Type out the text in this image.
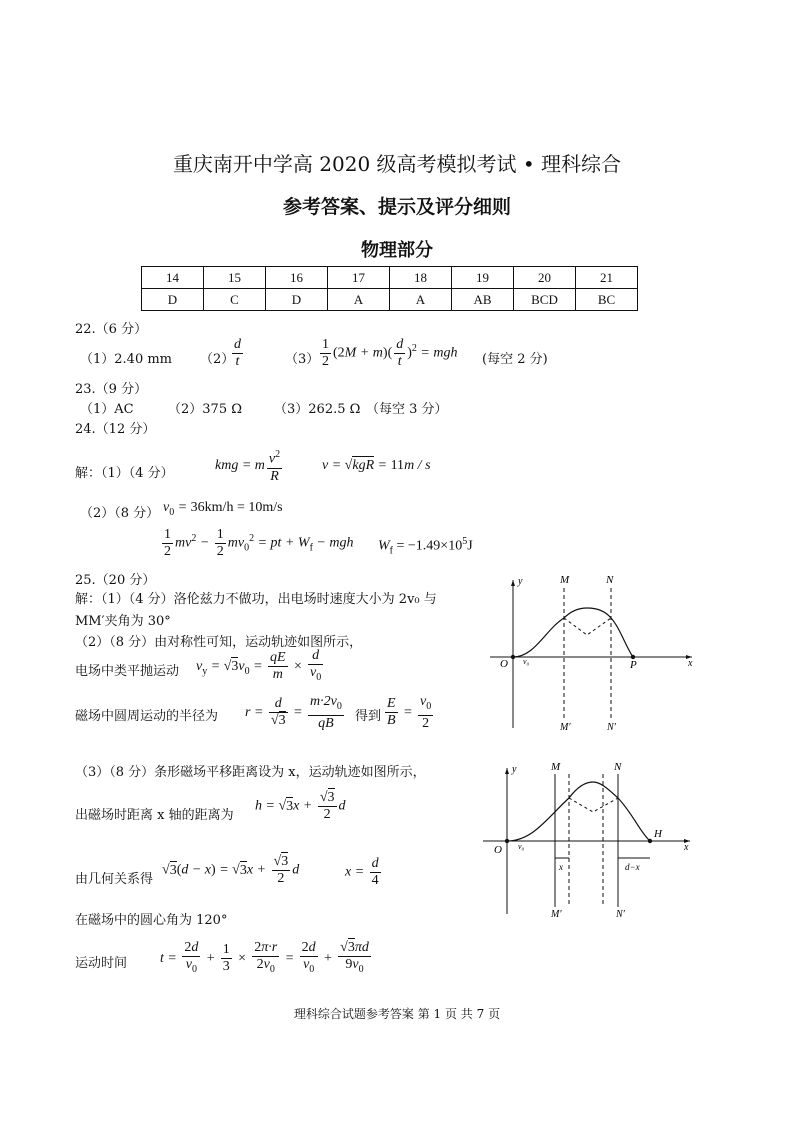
重庆南开中学高 2020 级高考模拟考试 • 理科综合
参考答案、提示及评分细则
物理部分
14	15	16	17	18	19	20	21
D	C	D	A	A	AB	BCD	BC
22.（6 分）
（1）2.40 mm （2）
$\frac{d}{t}$	$(3) \frac{1}{2} (2M + m)( \frac{d}{t} )^2$ = mgh (每空 2 分)
23.（9 分）
（1）AC	（2）375 Ω （3）262.5 Ω （每空 3 分）
24.（12 分）
解：（1）（4 分）
kmg = m $\frac{v^2}{R}$	v = √kgR = 11m / s
（2）（8 分） $v_0 = 36km/h = 10m/s$
$\frac{1}{2} mv^2 - \frac{1}{2} mv_0^2$ = pt + $W_f$ − mgh $W_f = -1.49\times 10^5J$
25.（20 分）
解：（1）（4 分）洛伦兹力不做功，出电场时速度大小为 2v₀ 与
MM′夹角为 30°
（2）（8 分）由对称性可知，运动轨迹如图所示，
电场中类平抛运动 $v_y = √3v_0 = \frac{qE}{m} \times \frac{d}{v_0}$
磁场中圆周运动的半径为 $r = \frac{d}{√3} = \frac{m\cdot 2v_0}{qB}$ 得到 $\frac{E}{B} = \frac{v_0}{2}$
（3）（8 分）条形磁场平移距离设为 x，运动轨迹如图所示，
出磁场时距离 x 轴的距离为
$h = √3x + \frac{√3}{2}$ d
由几何关系得
$√3(d - x) = √3x + \frac{√3}{2}$ d	$x = \frac{d}{4}$
在磁场中的圆心角为 120°
运动时间 $t = \frac{2d}{v_0} + \frac{1}{3} \times \frac{2\pi\cdot r}{2v_0} = \frac{2d}{v_0} + \frac{√3\pi d}{9v_0}$
y
x
O v₀	P
M	N
M′	N′
y
x
O v₀
H
M	N
M′	N′
x	d−x
理科综合试题参考答案 第 1 页 共 7 页
